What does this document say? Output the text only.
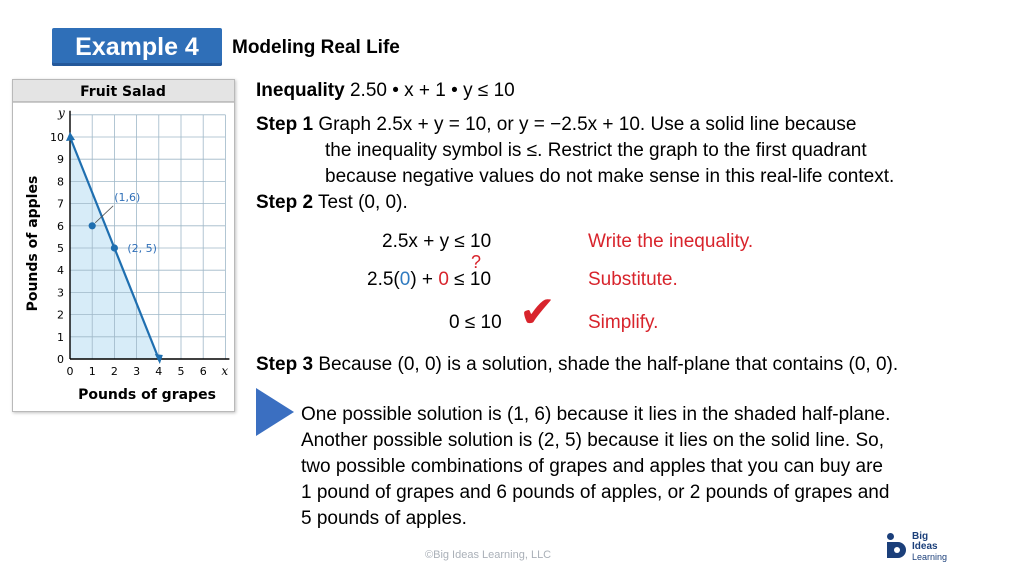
Example 4	Modeling Real Life
Fruit Salad
0 1 2 3 4 5 6
0
1
2
3
4
5
6
7
8
9
10
x
y
Pounds of grapes
Pounds of apples	(1,6)
(2, 5)
Inequality 2.50 • x + 1 • y ≤ 10
Step 1 Graph 2.5x + y = 10, or y = −2.5x + 10. Use a solid line because
the inequality symbol is ≤. Restrict the graph to the first quadrant
because negative values do not make sense in this real-life context.
Step 2 Test (0, 0).
2.5x + y ≤ 10	Write the inequality.
?
2.5(0) + 0 ≤ 10	Substitute.
0 ≤ 10 ✔ Simplify.
Step 3 Because (0, 0) is a solution, shade the half-plane that contains (0, 0).
One possible solution is (1, 6) because it lies in the shaded half-plane.
Another possible solution is (2, 5) because it lies on the solid line. So,
two possible combinations of grapes and apples that you can buy are
1 pound of grapes and 6 pounds of apples, or 2 pounds of grapes and
5 pounds of apples.
©Big Ideas Learning, LLC
Big
Ideas
Learning
